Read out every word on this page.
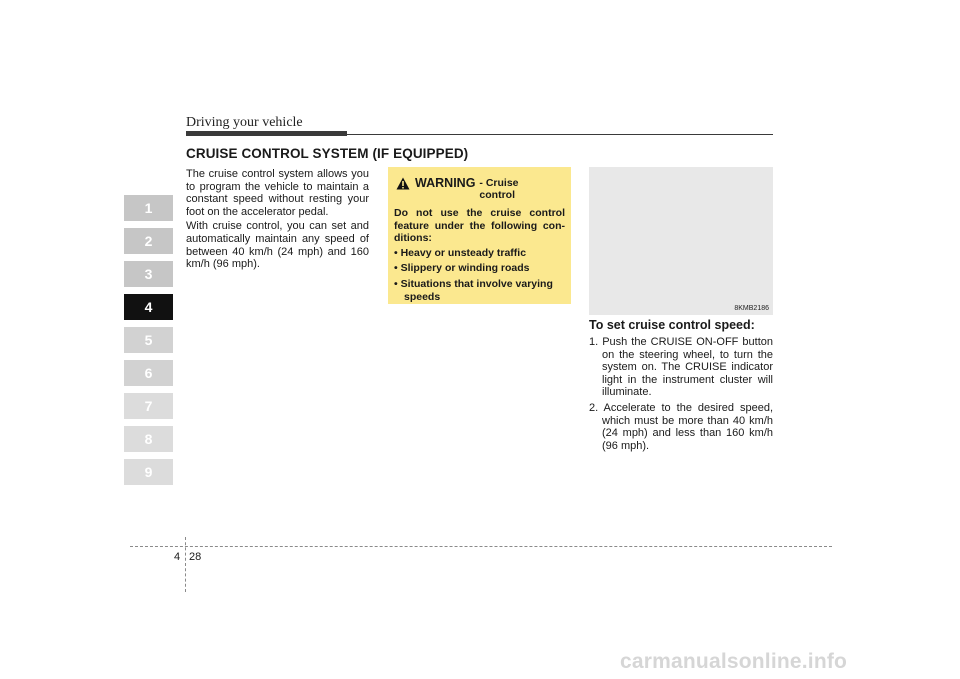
Driving your vehicle
CRUISE CONTROL SYSTEM (IF EQUIPPED)
1
2
3
4
5
6
7
8
9

The cruise control system allows you to program the vehicle to maintain a constant speed without resting your foot on the accelerator pedal.

With cruise control, you can set and automatically maintain any speed of between 40 km/h (24 mph) and 160 km/h (96 mph).

WARNING - Cruise control
Do not use the cruise control feature under the following con-ditions:
• Heavy or unsteady traffic
• Slippery or winding roads
• Situations that involve varying speeds
8KMB2186
To set cruise control speed:
1. Push the CRUISE ON-OFF button on the steering wheel, to turn the system on. The CRUISE indicator light in the instrument cluster will illuminate.
2. Accelerate to the desired speed, which must be more than 40 km/h (24 mph) and less than 160 km/h (96 mph).
4 28
carmanualsonline.info
